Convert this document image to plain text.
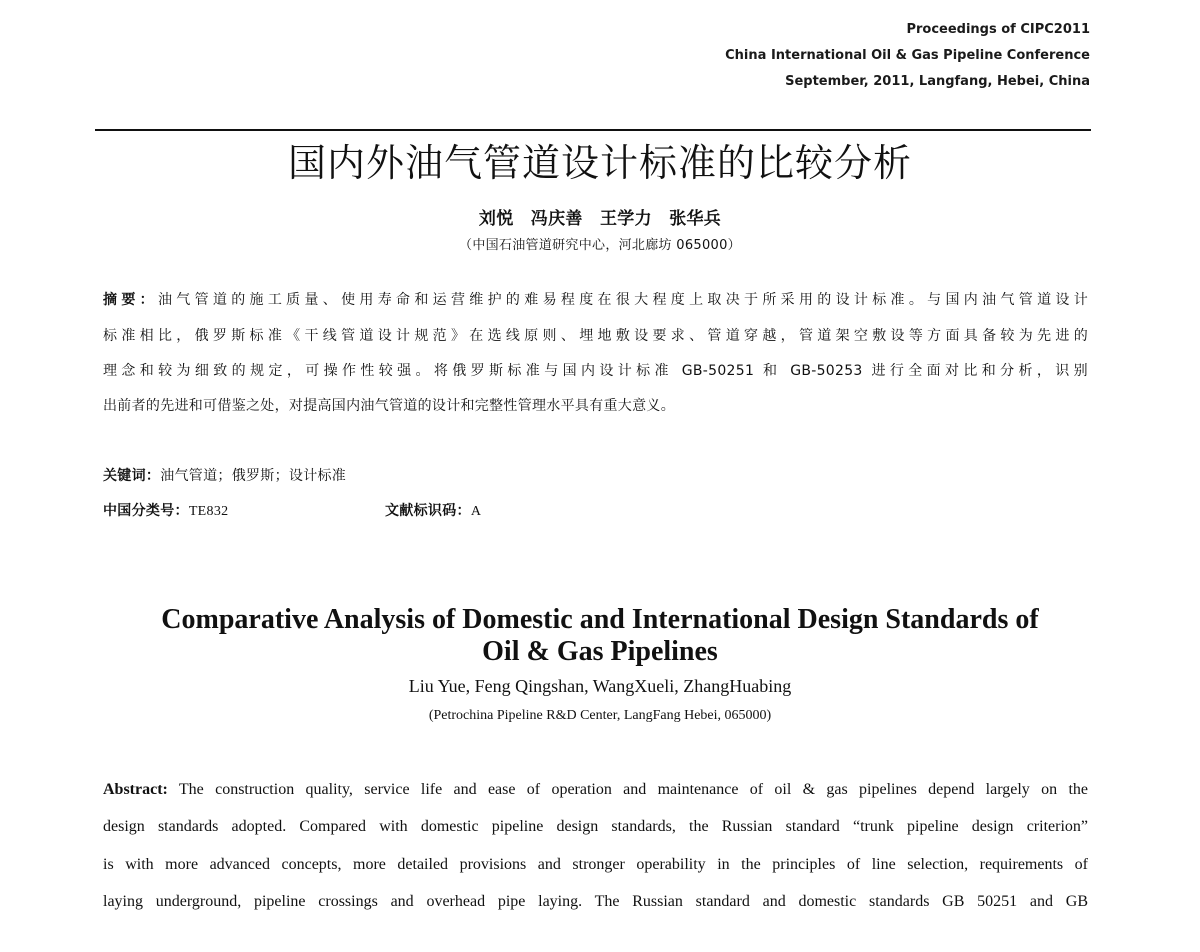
Proceedings of CIPC2011
China International Oil & Gas Pipeline Conference
September, 2011, Langfang, Hebei, China
国内外油气管道设计标准的比较分析
刘悦　冯庆善　王学力　张华兵
（中国石油管道研究中心，河北廊坊 065000）
摘要：油气管道的施工质量、使用寿命和运营维护的难易程度在很大程度上取决于所采用的设计标准。与国内油气管道设计
标准相比，俄罗斯标准《干线管道设计规范》在选线原则、埋地敷设要求、管道穿越，管道架空敷设等方面具备较为先进的
理念和较为细致的规定，可操作性较强。将俄罗斯标准与国内设计标准 GB-50251 和 GB-50253 进行全面对比和分析，识别
出前者的先进和可借鉴之处，对提高国内油气管道的设计和完整性管理水平具有重大意义。
关键词：油气管道；俄罗斯；设计标准
中国分类号：TE832	文献标识码：A
Comparative Analysis of Domestic and International Design Standards of
Oil & Gas Pipelines
Liu Yue, Feng Qingshan, WangXueli, ZhangHuabing
(Petrochina Pipeline R&D Center, LangFang Hebei, 065000)
Abstract: The construction quality, service life and ease of operation and maintenance of oil & gas pipelines depend largely on the
design standards adopted. Compared with domestic pipeline design standards, the Russian standard “trunk pipeline design criterion”
is with more advanced concepts, more detailed provisions and stronger operability in the principles of line selection, requirements of
laying underground, pipeline crossings and overhead pipe laying. The Russian standard and domestic standards GB 50251 and GB
